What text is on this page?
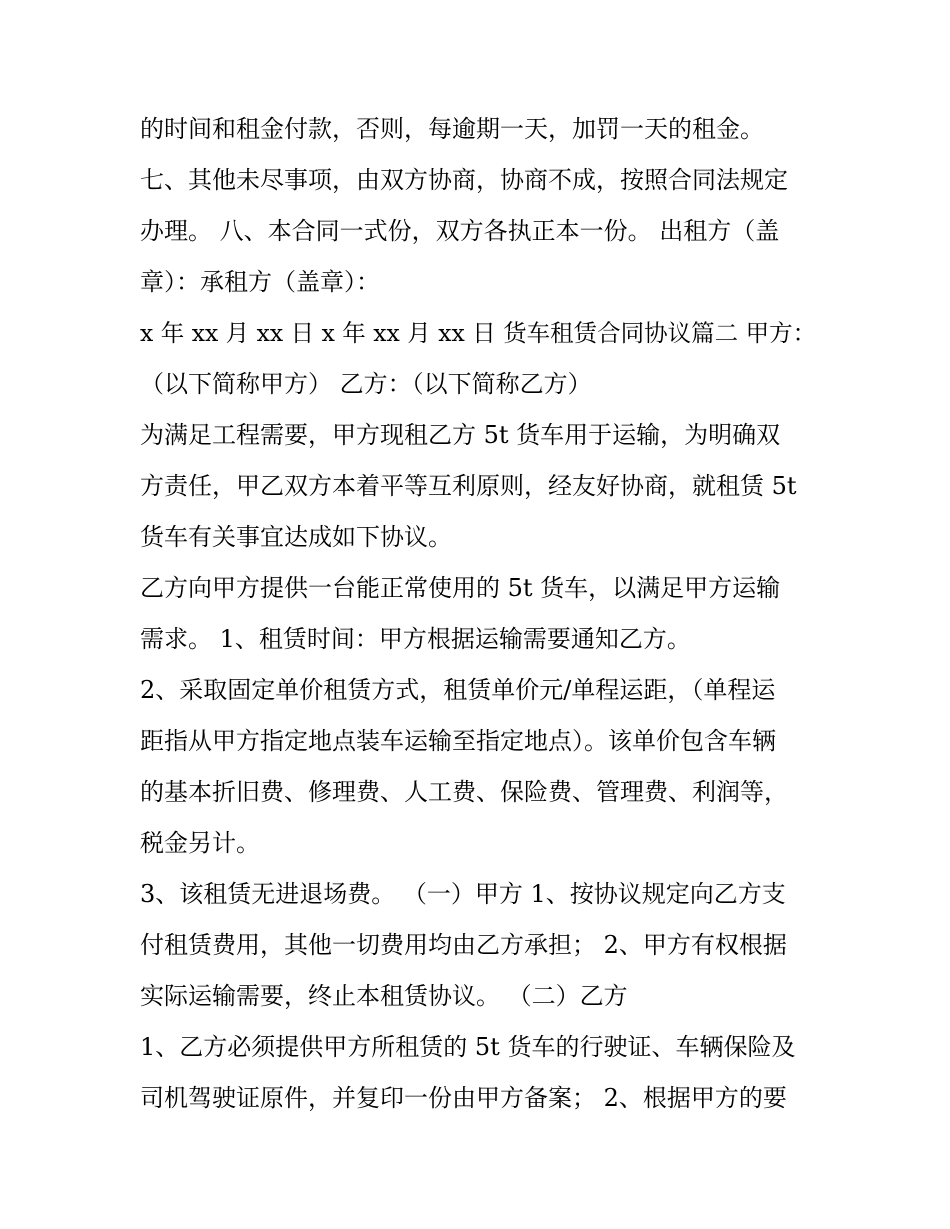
的时间和租金付款，否则，每逾期一天，加罚一天的租金。
七、其他未尽事项，由双方协商，协商不成，按照合同法规定
办理。 八、本合同一式份，双方各执正本一份。 出租方（盖
章）：承租方（盖章）：
x 年 xx 月 xx 日 x 年 xx 月 xx 日 货车租赁合同协议篇二 甲方：
（以下简称甲方） 乙方：（以下简称乙方）
为满足工程需要，甲方现租乙方 5t 货车用于运输，为明确双
方责任，甲乙双方本着平等互利原则，经友好协商，就租赁 5t
货车有关事宜达成如下协议。
乙方向甲方提供一台能正常使用的 5t 货车，以满足甲方运输
需求。 1、租赁时间：甲方根据运输需要通知乙方。
2、采取固定单价租赁方式，租赁单价元/单程运距，（单程运
距指从甲方指定地点装车运输至指定地点）。该单价包含车辆
的基本折旧费、修理费、人工费、保险费、管理费、利润等，
税金另计。
3、该租赁无进退场费。 （一）甲方 1、按协议规定向乙方支
付租赁费用，其他一切费用均由乙方承担； 2、甲方有权根据
实际运输需要，终止本租赁协议。 （二）乙方
1、乙方必须提供甲方所租赁的 5t 货车的行驶证、车辆保险及
司机驾驶证原件，并复印一份由甲方备案； 2、根据甲方的要
